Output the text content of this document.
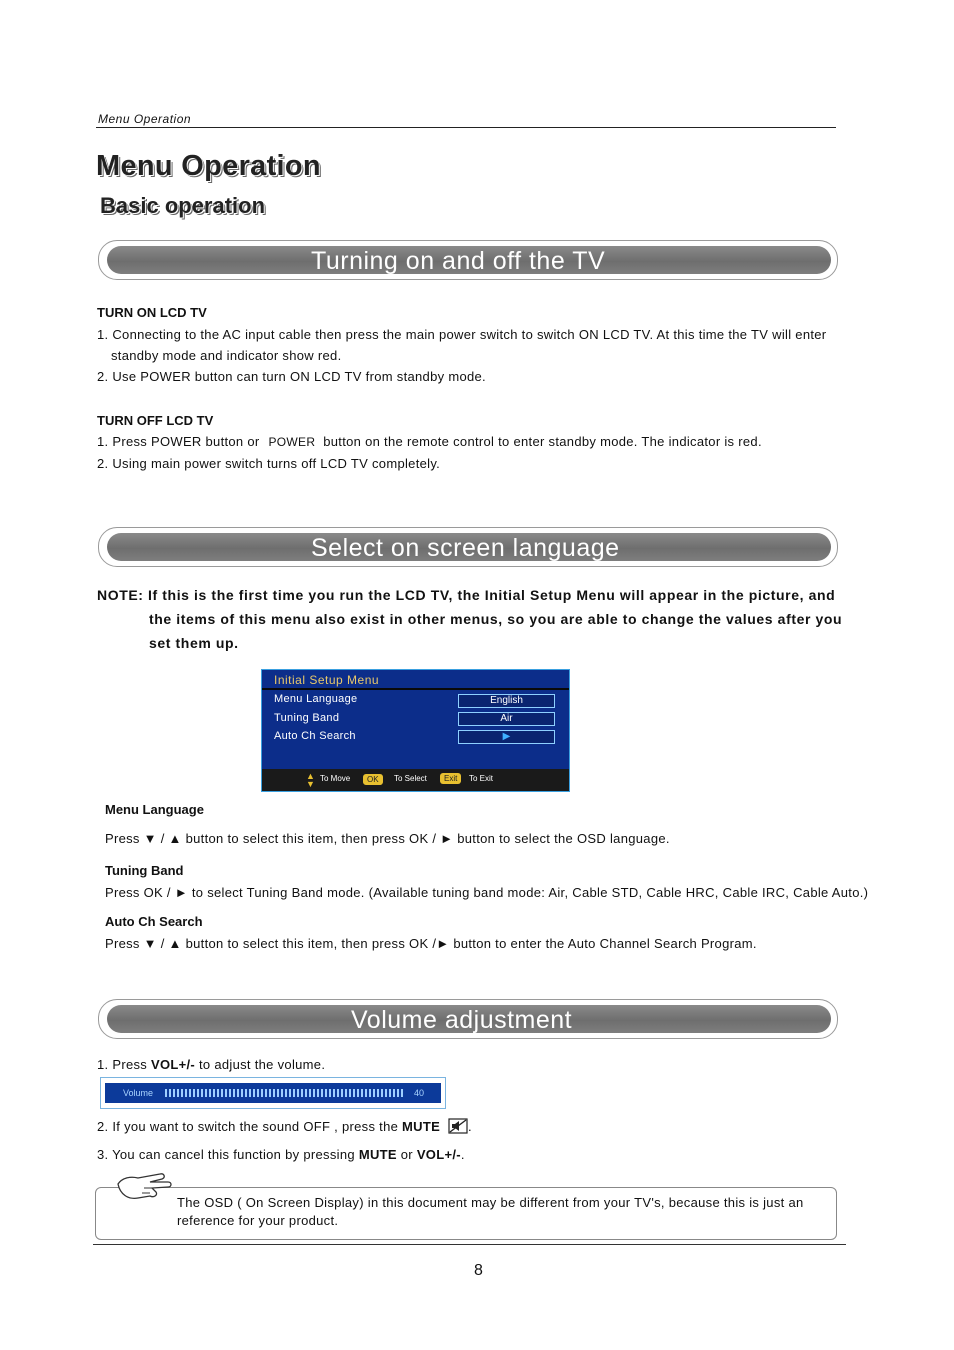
Menu Operation
Menu Operation
Basic operation
Turning on and off the TV
TURN ON LCD TV
1. Connecting to the AC input cable then press the main power switch to switch ON LCD TV. At this time the TV will enter
standby mode and indicator show red.
2. Use POWER button can turn ON LCD TV from standby mode.
TURN OFF LCD TV
1. Press POWER button or POWER button on the remote control to enter standby mode. The indicator is red.
2. Using main power switch turns off LCD TV completely.
Select on screen language
NOTE: If this is the first time you run the LCD TV, the Initial Setup Menu will appear in the picture, and
the items of this menu also exist in other menus, so you are able to change the values after you
set them up.
Initial Setup Menu
Menu Language	English
Tuning Band	Air
Auto Ch Search	▶
▲
▼
To Move	OK	To Select	Exit	To Exit
Menu Language
Press ▼ / ▲ button to select this item, then press OK / ► button to select the OSD language.
Tuning Band
Press OK / ► to select Tuning Band mode. (Available tuning band mode: Air, Cable STD, Cable HRC, Cable IRC, Cable Auto.)
Auto Ch Search
Press ▼ / ▲ button to select this item, then press OK /► button to enter the Auto Channel Search Program.
Volume adjustment
1. Press VOL+/- to adjust the volume.
Volume	40
2. If you want to switch the sound OFF , press the MUTE .
3. You can cancel this function by pressing MUTE or VOL+/-.
The OSD ( On Screen Display) in this document may be different from your TV's, because this is just an
reference for your product.
8
